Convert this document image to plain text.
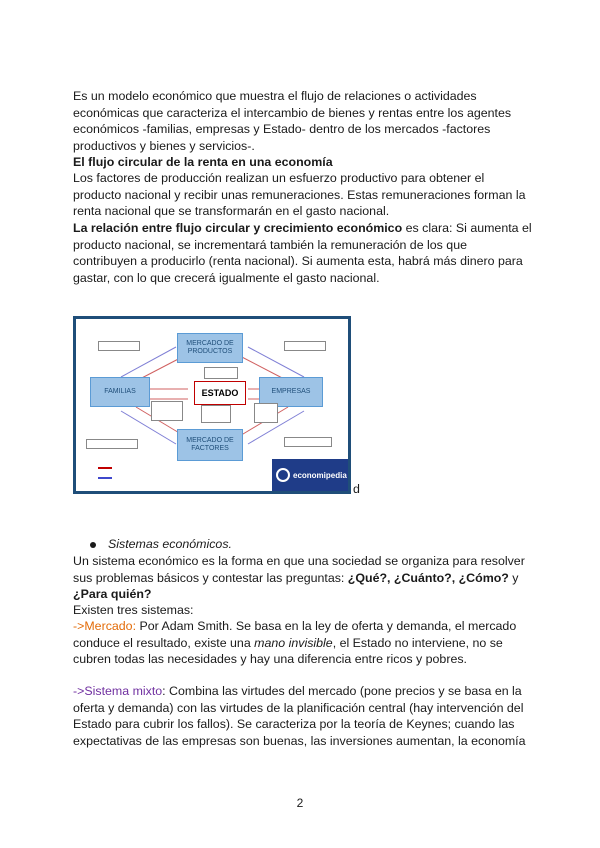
Es un modelo económico que muestra el flujo de relaciones o actividades económicas que caracteriza el intercambio de bienes y rentas entre los agentes económicos -familias, empresas y Estado- dentro de los mercados -factores productivos y bienes y servicios-.

El flujo circular de la renta en una economía

Los factores de producción realizan un esfuerzo productivo para obtener el producto nacional y recibir unas remuneraciones. Estas remuneraciones forman la renta nacional que se transformarán en el gasto nacional.

La relación entre flujo circular y crecimiento económico es clara: Si aumenta el producto nacional, se incrementará también la remuneración de los que contribuyen a producirlo (renta nacional). Si aumenta esta, habrá más dinero para gastar, con lo que crecerá igualmente el gasto nacional.

MERCADO DE PRODUCTOS
FAMILIAS	EMPRESAS
MERCADO DE FACTORES
ESTADO
economipedia
d
Sistemas económicos.

Un sistema económico es la forma en que una sociedad se organiza para resolver sus problemas básicos y contestar las preguntas: ¿Qué?, ¿Cuánto?, ¿Cómo? y ¿Para quién?

Existen tres sistemas:

->Mercado: Por Adam Smith. Se basa en la ley de oferta y demanda, el mercado conduce el resultado, existe una mano invisible, el Estado no interviene, no se cubren todas las necesidades y hay una diferencia entre ricos y pobres.

->Sistema mixto: Combina las virtudes del mercado (pone precios y se basa en la oferta y demanda) con las virtudes de la planificación central (hay intervención del Estado para cubrir los fallos). Se caracteriza por la teoría de Keynes; cuando las expectativas de las empresas son buenas, las inversiones aumentan, la economía

2
